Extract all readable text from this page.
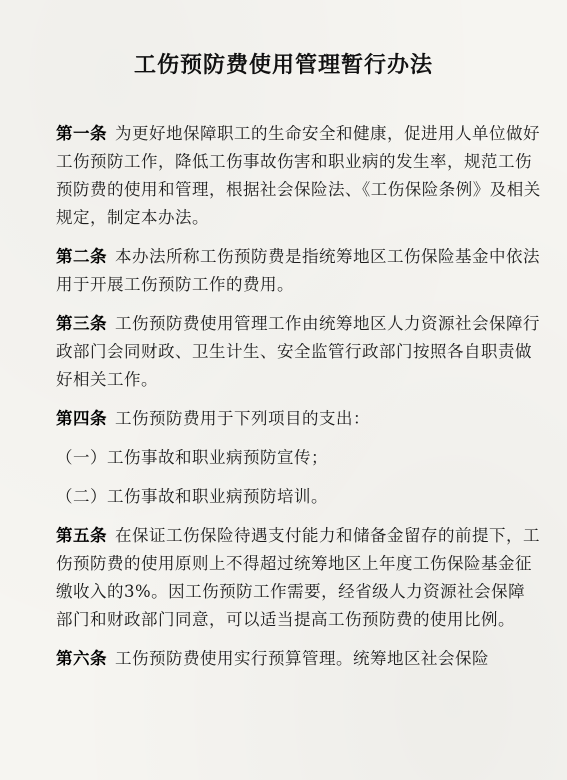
工伤预防费使用管理暂行办法

第一条 为更好地保障职工的生命安全和健康，促进用人单位做好工伤预防工作，降低工伤事故伤害和职业病的发生率，规范工伤预防费的使用和管理，根据社会保险法、《工伤保险条例》及相关规定，制定本办法。

第二条 本办法所称工伤预防费是指统筹地区工伤保险基金中依法用于开展工伤预防工作的费用。

第三条 工伤预防费使用管理工作由统筹地区人力资源社会保障行政部门会同财政、卫生计生、安全监管行政部门按照各自职责做好相关工作。

第四条 工伤预防费用于下列项目的支出：

（一）工伤事故和职业病预防宣传；

（二）工伤事故和职业病预防培训。

第五条 在保证工伤保险待遇支付能力和储备金留存的前提下，工伤预防费的使用原则上不得超过统筹地区上年度工伤保险基金征缴收入的3%。因工伤预防工作需要，经省级人力资源社会保障部门和财政部门同意，可以适当提高工伤预防费的使用比例。

第六条 工伤预防费使用实行预算管理。统筹地区社会保险
